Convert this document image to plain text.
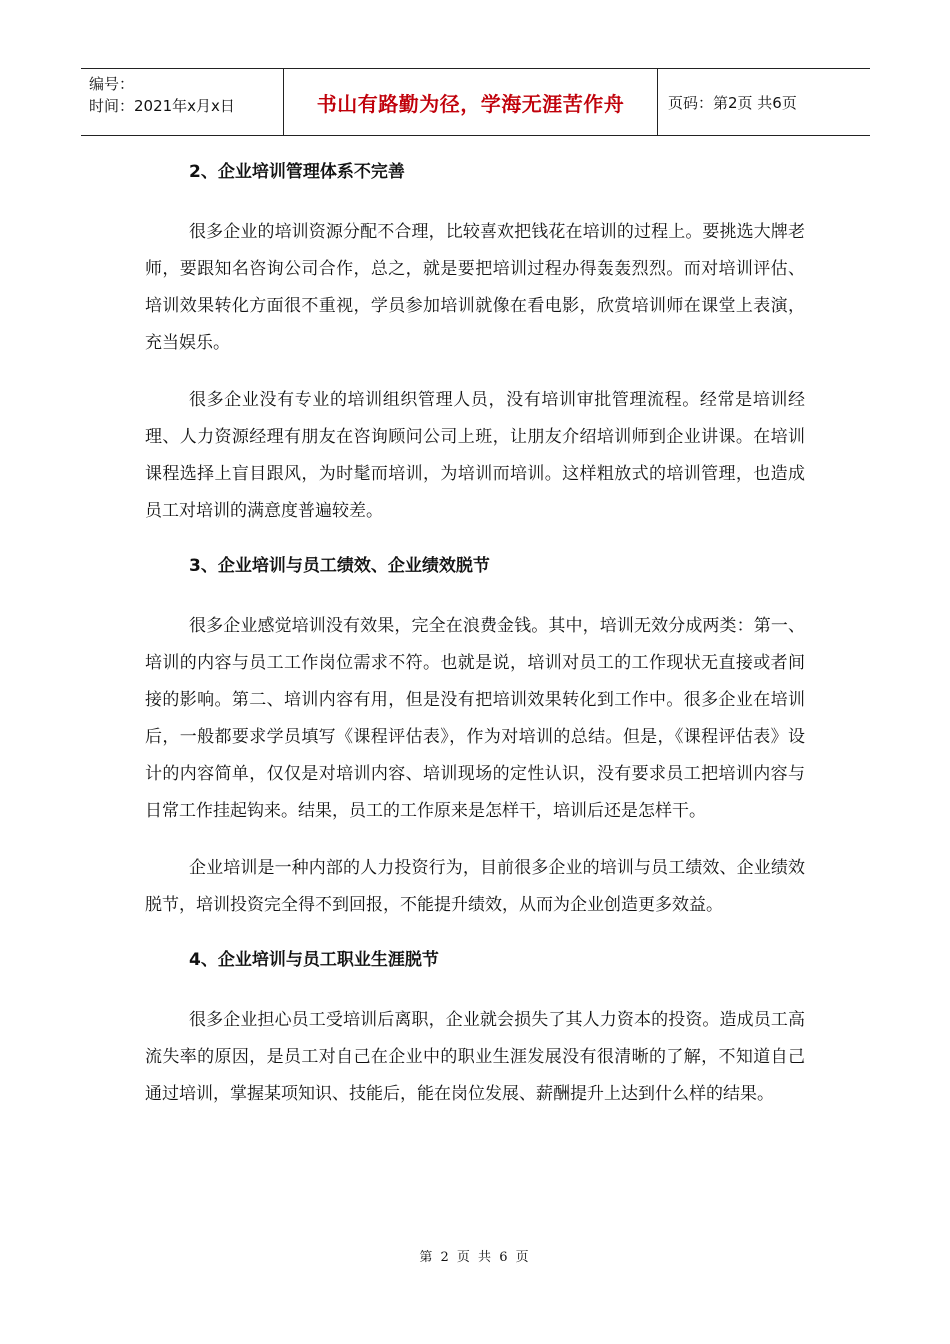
编号：
时间：2021年x月x日	书山有路勤为径，学海无涯苦作舟	页码：第2页 共6页
2、企业培训管理体系不完善

很多企业的培训资源分配不合理，比较喜欢把钱花在培训的过程上。要挑选大牌老师，要跟知名咨询公司合作，总之，就是要把培训过程办得轰轰烈烈。而对培训评估、培训效果转化方面很不重视，学员参加培训就像在看电影，欣赏培训师在课堂上表演，充当娱乐。

很多企业没有专业的培训组织管理人员，没有培训审批管理流程。经常是培训经理、人力资源经理有朋友在咨询顾问公司上班，让朋友介绍培训师到企业讲课。在培训课程选择上盲目跟风，为时髦而培训，为培训而培训。这样粗放式的培训管理，也造成员工对培训的满意度普遍较差。

3、企业培训与员工绩效、企业绩效脱节

很多企业感觉培训没有效果，完全在浪费金钱。其中，培训无效分成两类：第一、培训的内容与员工工作岗位需求不符。也就是说，培训对员工的工作现状无直接或者间接的影响。第二、培训内容有用，但是没有把培训效果转化到工作中。很多企业在培训后，一般都要求学员填写《课程评估表》，作为对培训的总结。但是，《课程评估表》设计的内容简单，仅仅是对培训内容、培训现场的定性认识，没有要求员工把培训内容与日常工作挂起钩来。结果，员工的工作原来是怎样干，培训后还是怎样干。

企业培训是一种内部的人力投资行为，目前很多企业的培训与员工绩效、企业绩效脱节，培训投资完全得不到回报，不能提升绩效，从而为企业创造更多效益。

4、企业培训与员工职业生涯脱节

很多企业担心员工受培训后离职，企业就会损失了其人力资本的投资。造成员工高流失率的原因，是员工对自己在企业中的职业生涯发展没有很清晰的了解，不知道自己通过培训，掌握某项知识、技能后，能在岗位发展、薪酬提升上达到什么样的结果。

第 2 页 共 6 页
